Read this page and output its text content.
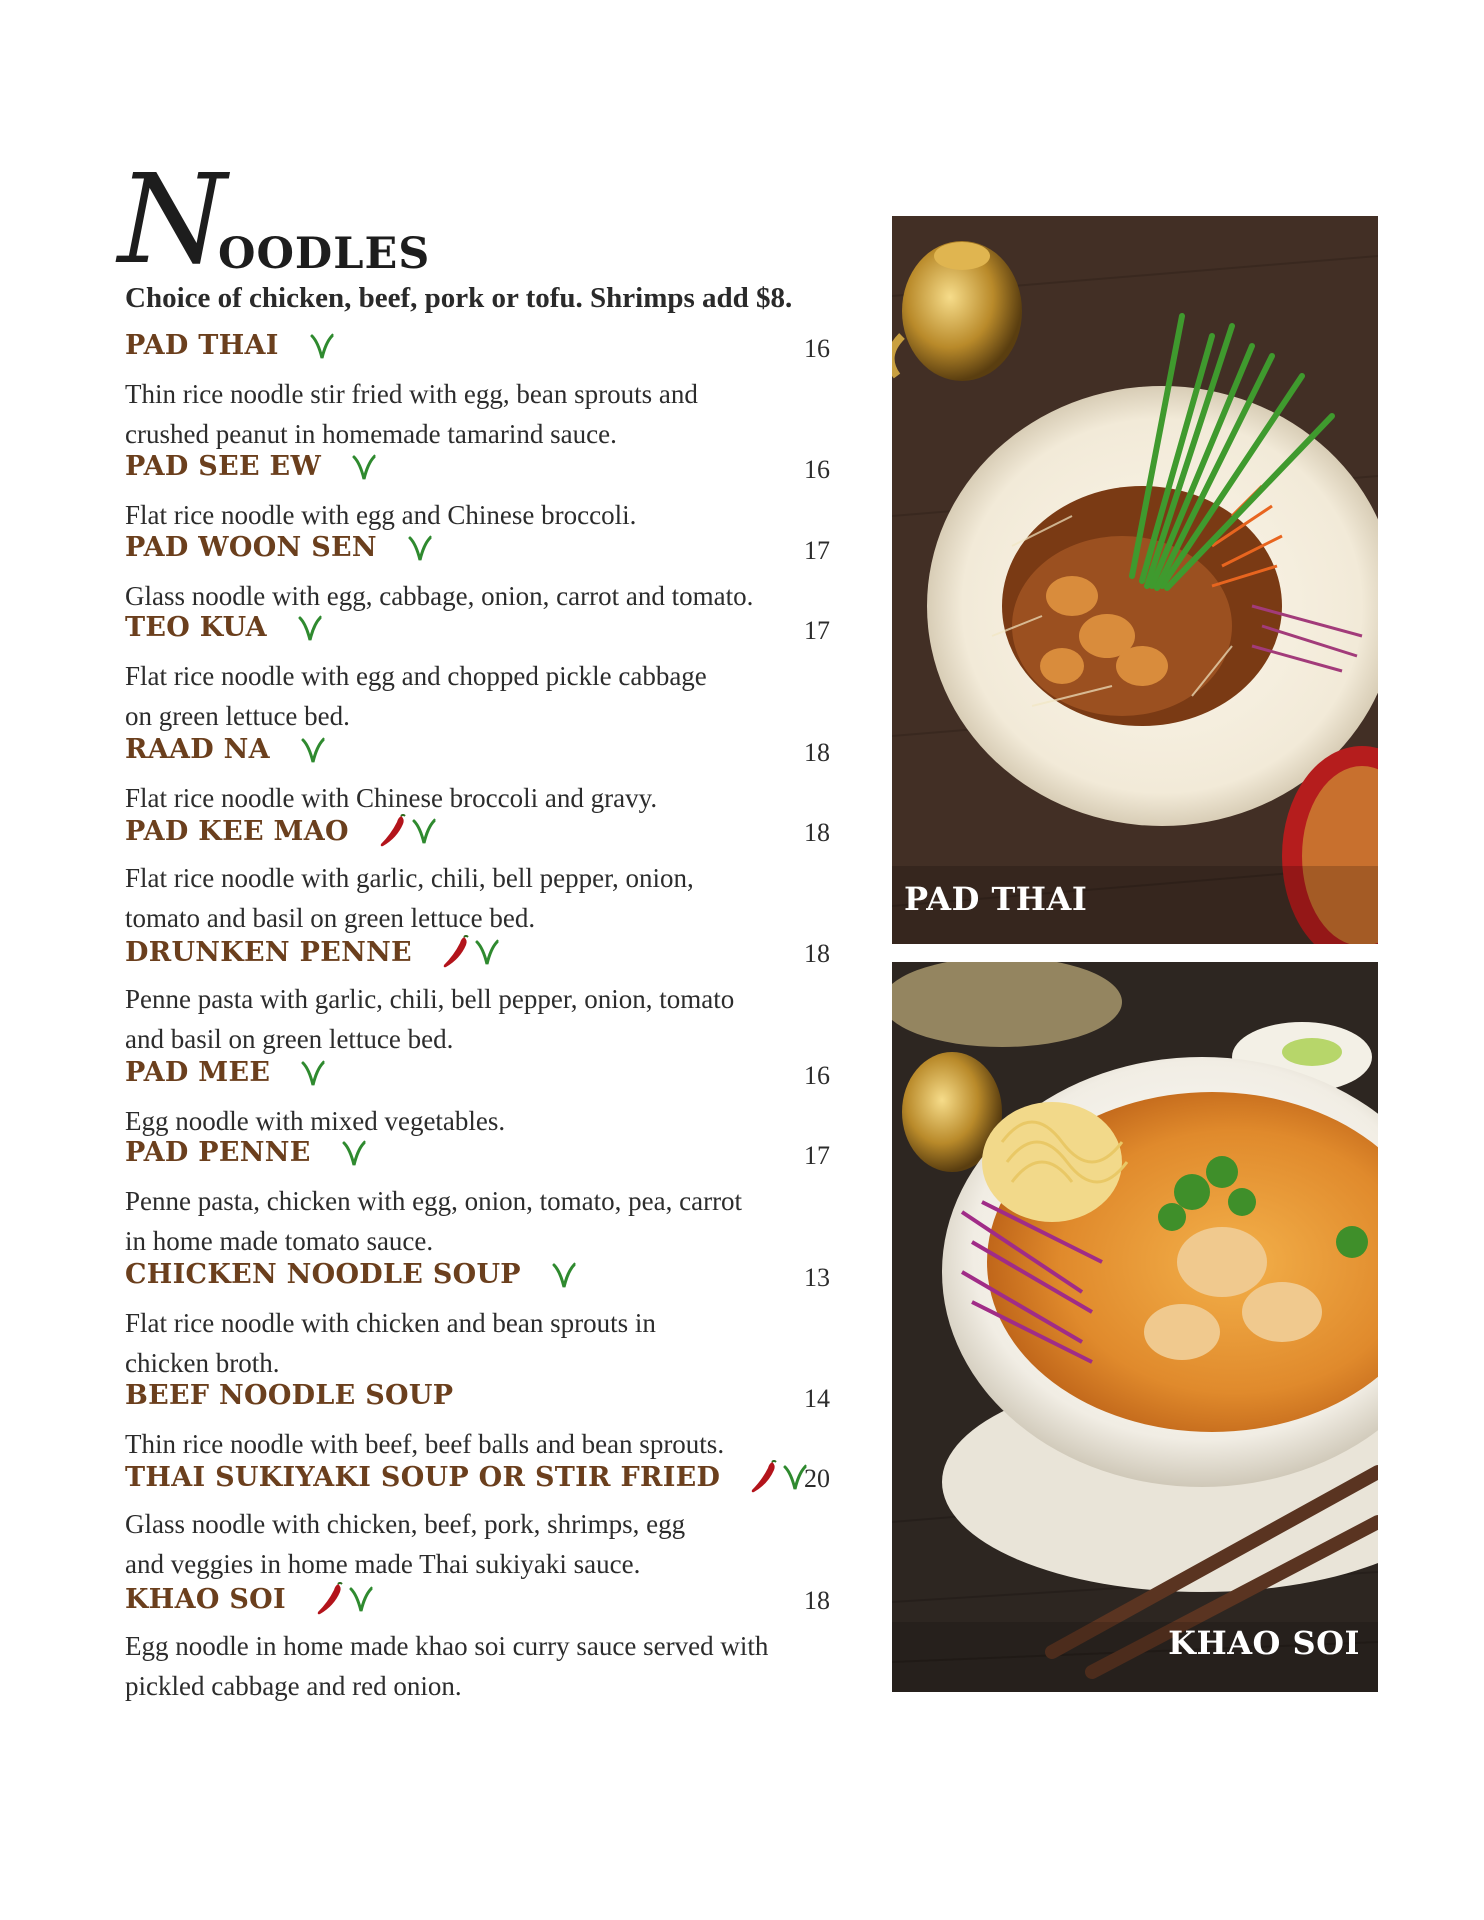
N
OODLES
Choice of chicken, beef, pork or tofu. Shrimps add $8.
PAD THAI	16
Thin rice noodle stir fried with egg, bean sprouts and
crushed peanut in homemade tamarind sauce.
PAD SEE EW	16
Flat rice noodle with egg and Chinese broccoli.
PAD WOON SEN	17
Glass noodle with egg, cabbage, onion, carrot and tomato.
TEO KUA	17
Flat rice noodle with egg and chopped pickle cabbage
on green lettuce bed.
RAAD NA	18
Flat rice noodle with Chinese broccoli and gravy.
PAD KEE MAO	18
Flat rice noodle with garlic, chili, bell pepper, onion,
tomato and basil on green lettuce bed.
DRUNKEN PENNE	18
Penne pasta with garlic, chili, bell pepper, onion, tomato
and basil on green lettuce bed.
PAD MEE	16
Egg noodle with mixed vegetables.
PAD PENNE	17
Penne pasta, chicken with egg, onion, tomato, pea, carrot
in home made tomato sauce.
CHICKEN NOODLE SOUP	13
Flat rice noodle with chicken and bean sprouts in
chicken broth.
BEEF NOODLE SOUP	14
Thin rice noodle with beef, beef balls and bean sprouts.
THAI SUKIYAKI SOUP OR STIR FRIED	20
Glass noodle with chicken, beef, pork, shrimps, egg
and veggies in home made Thai sukiyaki sauce.
KHAO SOI	18
Egg noodle in home made khao soi curry sauce served with
pickled cabbage and red onion.
PAD THAI
KHAO SOI
